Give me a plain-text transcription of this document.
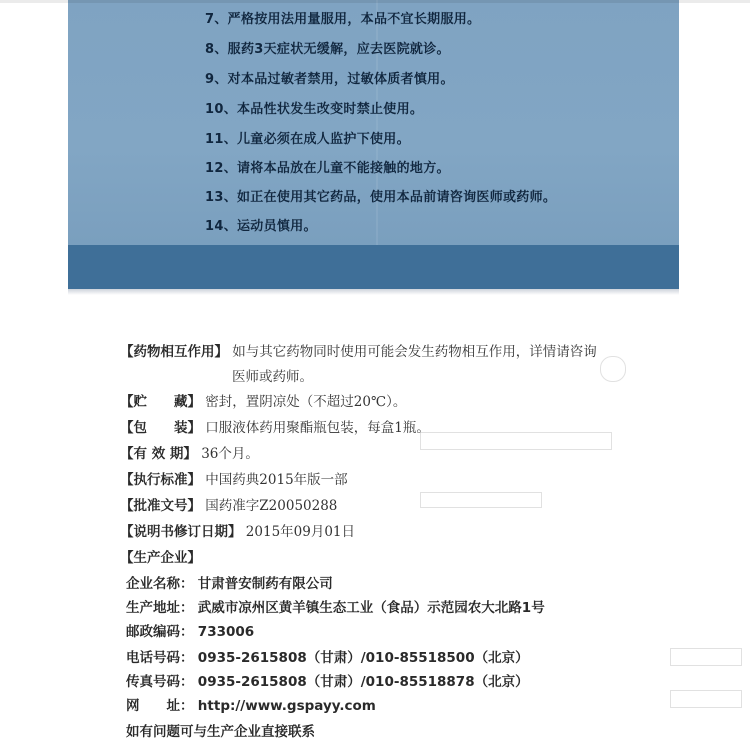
7、严格按用法用量服用，本品不宜长期服用。
8、服药3天症状无缓解，应去医院就诊。
9、对本品过敏者禁用，过敏体质者慎用。
10、本品性状发生改变时禁止使用。
11、儿童必须在成人监护下使用。
12、请将本品放在儿童不能接触的地方。
13、如正在使用其它药品，使用本品前请咨询医师或药师。
14、运动员慎用。
【药物相互作用】 如与其它药物同时使用可能会发生药物相互作用，详情请咨询
医师或药师。
【贮　　藏】 密封，置阴凉处（不超过20℃）。
【包　　装】 口服液体药用聚酯瓶包装，每盒1瓶。
【有 效 期】 36个月。
【执行标准】 中国药典2015年版一部
【批准文号】 国药准字Z20050288
【说明书修订日期】 2015年09月01日
【生产企业】
企业名称： 甘肃普安制药有限公司
生产地址： 武威市凉州区黄羊镇生态工业（食品）示范园农大北路1号
邮政编码： 733006
电话号码： 0935-2615808（甘肃）/010-85518500（北京）
传真号码： 0935-2615808（甘肃）/010-85518878（北京）
网　　址： http://www.gspayy.com
如有问题可与生产企业直接联系
